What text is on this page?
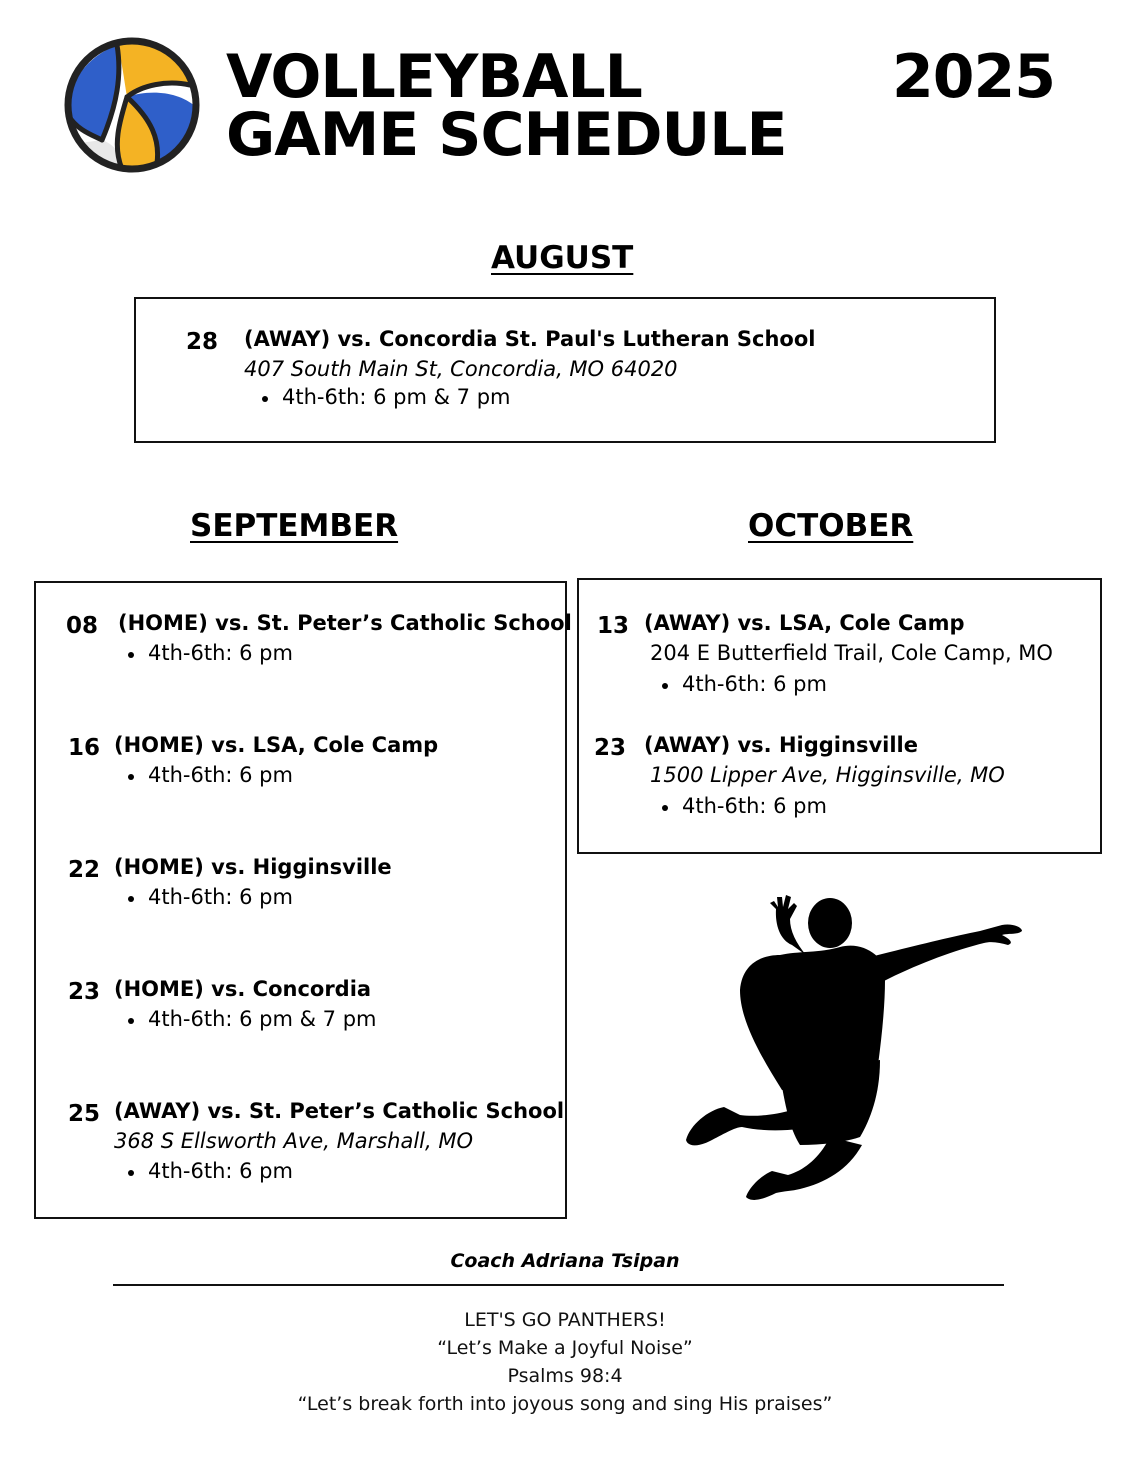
VOLLEYBALL
GAME SCHEDULE
2025
AUGUST
28 (AWAY) vs. Concordia St. Paul's Lutheran School
407 South Main St, Concordia, MO 64020
4th-6th: 6 pm & 7 pm
SEPTEMBER
08 (HOME) vs. St. Peter’s Catholic School
4th-6th: 6 pm
16 (HOME) vs. LSA, Cole Camp
4th-6th: 6 pm
22 (HOME) vs. Higginsville
4th-6th: 6 pm
23 (HOME) vs. Concordia
4th-6th: 6 pm & 7 pm
25 (AWAY) vs. St. Peter’s Catholic School
368 S Ellsworth Ave, Marshall, MO
4th-6th: 6 pm
OCTOBER
13 (AWAY) vs. LSA, Cole Camp
204 E Butterfield Trail, Cole Camp, MO
4th-6th: 6 pm
23 (AWAY) vs. Higginsville
1500 Lipper Ave, Higginsville, MO
4th-6th: 6 pm
Coach Adriana Tsipan
LET'S GO PANTHERS!
“Let’s Make a Joyful Noise”
Psalms 98:4
“Let’s break forth into joyous song and sing His praises”
